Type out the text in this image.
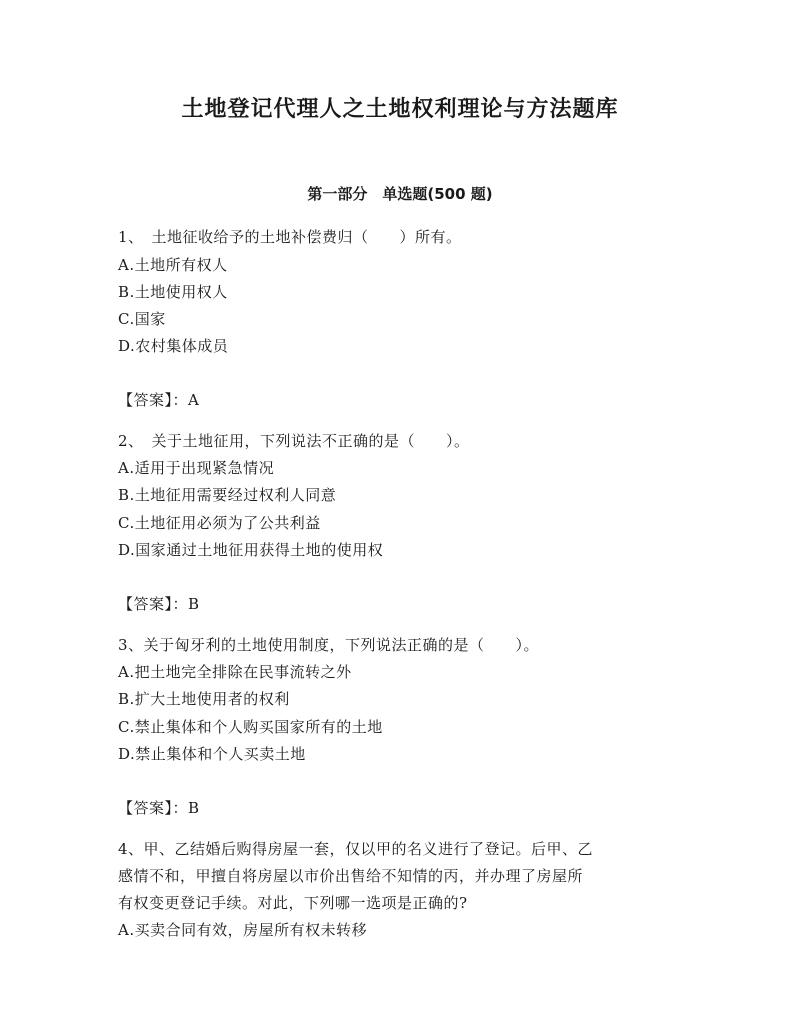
土地登记代理人之土地权利理论与方法题库
第一部分　单选题(500 题)
1、　土地征收给予的土地补偿费归（　　）所有。
A.土地所有权人
B.土地使用权人
C.国家
D.农村集体成员
【答案】：A
2、　关于土地征用，下列说法不正确的是（　　）。
A.适用于出现紧急情况
B.土地征用需要经过权利人同意
C.土地征用必须为了公共利益
D.国家通过土地征用获得土地的使用权
【答案】：B
3、关于匈牙利的土地使用制度，下列说法正确的是（　　）。
A.把土地完全排除在民事流转之外
B.扩大土地使用者的权利
C.禁止集体和个人购买国家所有的土地
D.禁止集体和个人买卖土地
【答案】：B
4、甲、乙结婚后购得房屋一套，仅以甲的名义进行了登记。后甲、乙
感情不和，甲擅自将房屋以市价出售给不知情的丙，并办理了房屋所
有权变更登记手续。对此，下列哪一选项是正确的?
A.买卖合同有效，房屋所有权未转移
